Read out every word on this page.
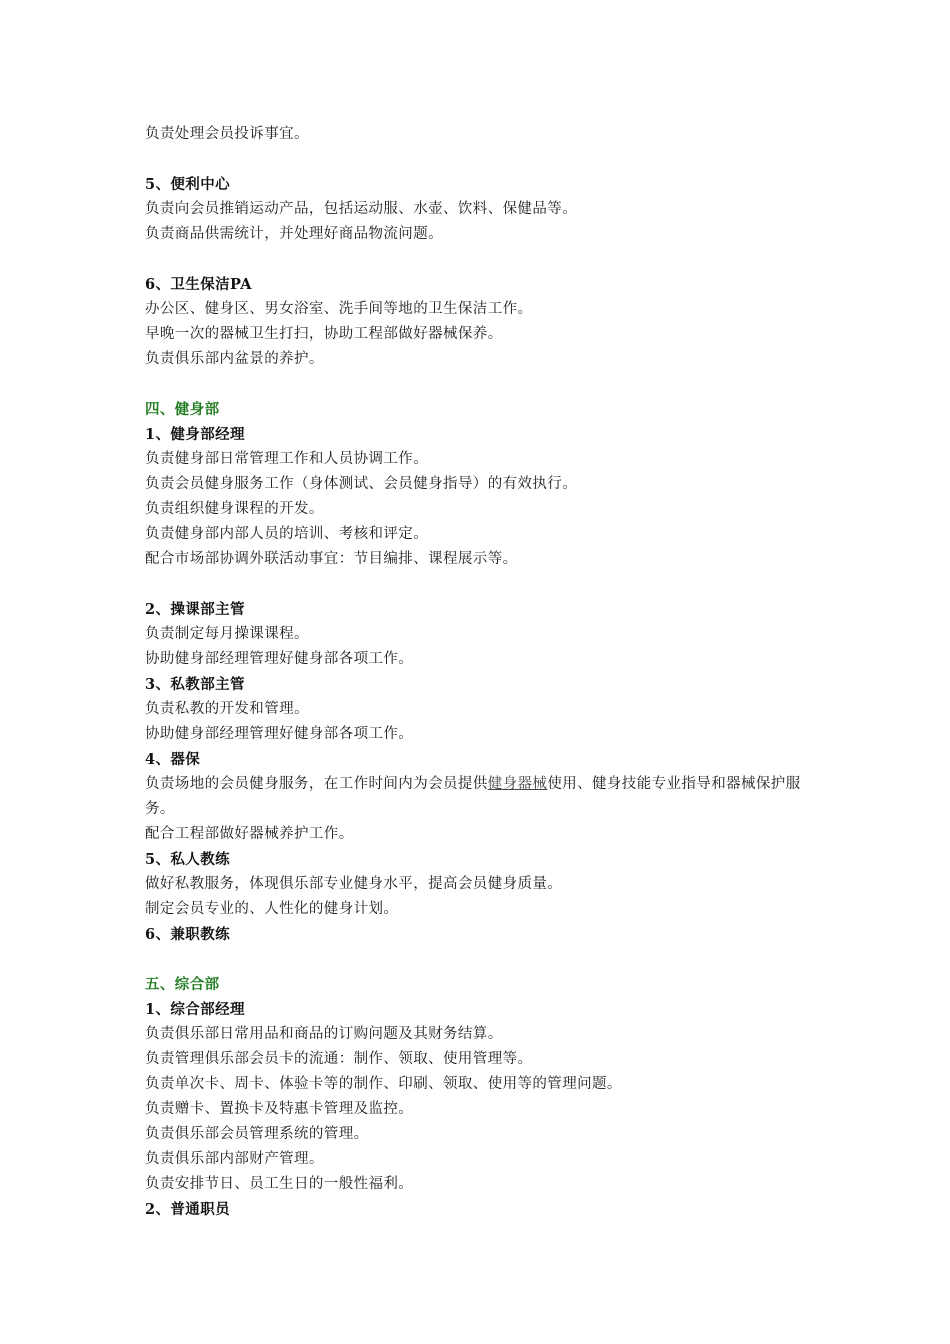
负责处理会员投诉事宜。
5、便利中心
负责向会员推销运动产品，包括运动服、水壶、饮料、保健品等。
负责商品供需统计，并处理好商品物流问题。
6、卫生保洁PA
办公区、健身区、男女浴室、洗手间等地的卫生保洁工作。
早晚一次的器械卫生打扫，协助工程部做好器械保养。
负责俱乐部内盆景的养护。
四、健身部
1、健身部经理
负责健身部日常管理工作和人员协调工作。
负责会员健身服务工作（身体测试、会员健身指导）的有效执行。
负责组织健身课程的开发。
负责健身部内部人员的培训、考核和评定。
配合市场部协调外联活动事宜：节目编排、课程展示等。
2、操课部主管
负责制定每月操课课程。
协助健身部经理管理好健身部各项工作。
3、私教部主管
负责私教的开发和管理。
协助健身部经理管理好健身部各项工作。
4、器保
负责场地的会员健身服务，在工作时间内为会员提供健身器械使用、健身技能专业指导和器械保护服务。
配合工程部做好器械养护工作。
5、私人教练
做好私教服务，体现俱乐部专业健身水平，提高会员健身质量。
制定会员专业的、人性化的健身计划。
6、兼职教练
五、综合部
1、综合部经理
负责俱乐部日常用品和商品的订购问题及其财务结算。
负责管理俱乐部会员卡的流通：制作、领取、使用管理等。
负责单次卡、周卡、体验卡等的制作、印刷、领取、使用等的管理问题。
负责赠卡、置换卡及特惠卡管理及监控。
负责俱乐部会员管理系统的管理。
负责俱乐部内部财产管理。
负责安排节日、员工生日的一般性福利。
2、普通职员
